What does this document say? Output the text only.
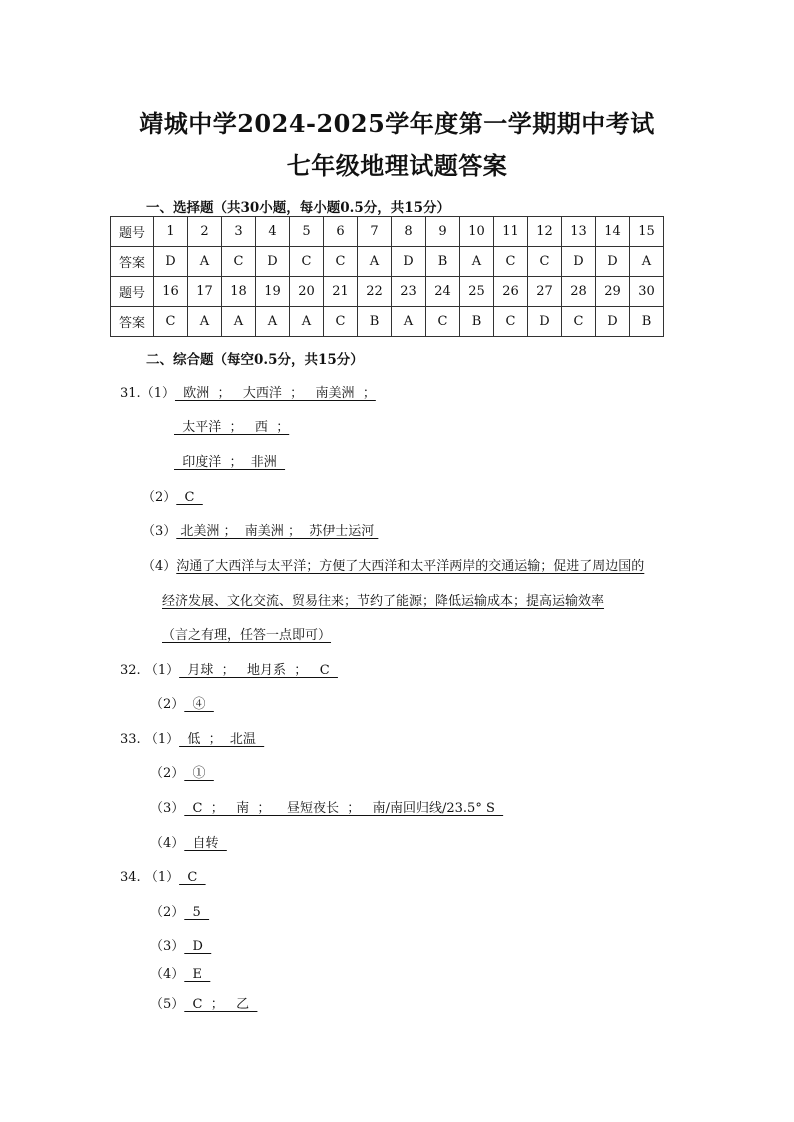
靖城中学2024-2025学年度第一学期期中考试
七年级地理试题答案
一、选择题（共30小题，每小题0.5分，共15分）
题号	1	2	3	4	5	6	7	8	9	10	11	12	13	14	15
答案	D	A	C	D	C	C	A	D	B	A	C	C	D	D	A
题号	16	17	18	19	20	21	22	23	24	25	26	27	28	29	30
答案	C	A	A	A	A	C	B	A	C	B	C	D	C	D	B
二、综合题（每空0.5分，共15分）
31.（1）  欧洲  ；   大西洋  ；   南美洲  ；
太平洋  ；   西  ；
印度洋  ；  非洲
（2）  C
（3） 北美洲 ；  南美洲 ；  苏伊士运河
（4）沟通了大西洋与太平洋；方便了大西洋和太平洋两岸的交通运输；促进了周边国的
经济发展、文化交流、贸易往来；节约了能源；降低运输成本；提高运输效率
（言之有理，任答一点即可）
32. （1）  月球  ；   地月系  ；   C
（2）  ④
33. （1）  低  ；  北温
（2）  ①
（3）  C  ；   南  ；    昼短夜长  ；   南/南回归线/23.5° S
（4）  自转
34. （1）  C
（2）  5
（3）  D
（4）  E
（5）  C  ；   乙
